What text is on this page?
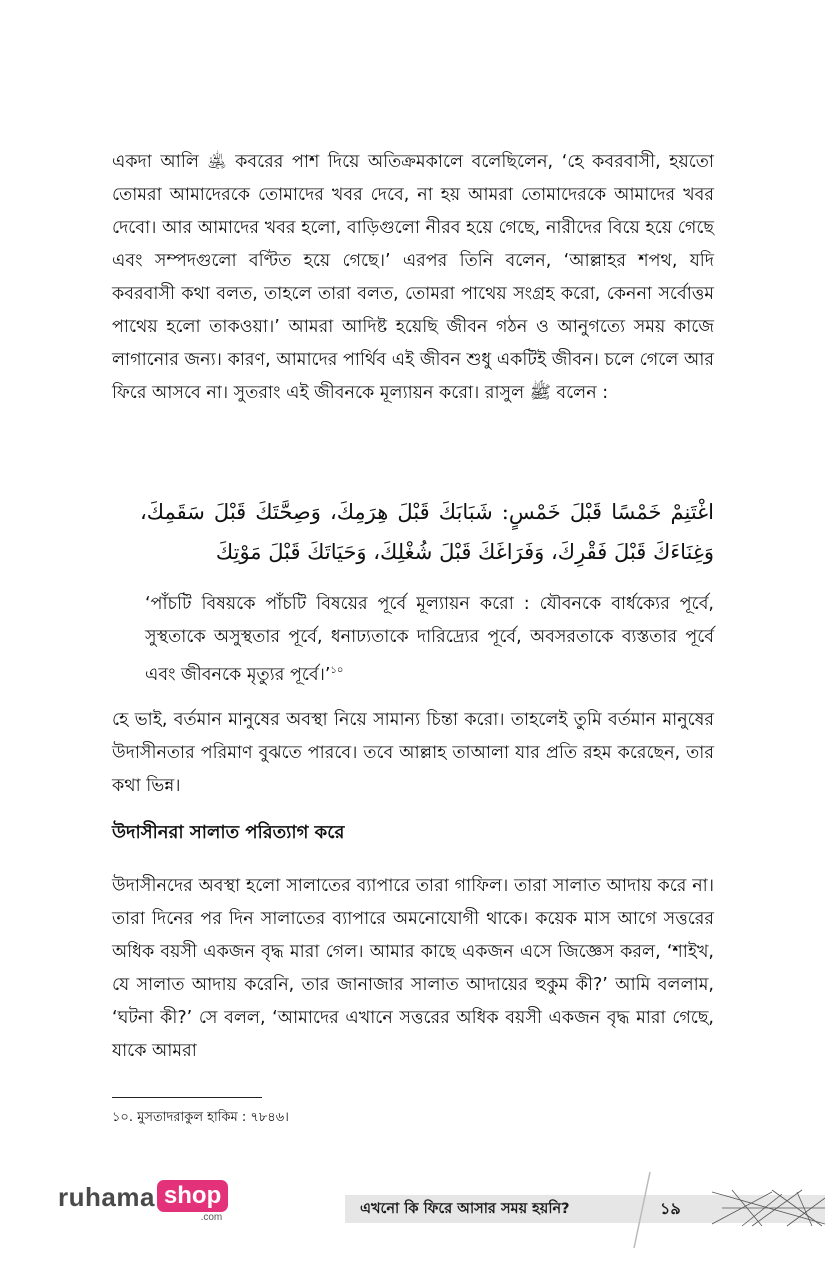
একদা আলি ﵁ কবরের পাশ দিয়ে অতিক্রমকালে বলেছিলেন, ‘হে কবরবাসী, হয়তো তোমরা আমাদেরকে তোমাদের খবর দেবে, না হয় আমরা তোমাদেরকে আমাদের খবর দেবো। আর আমাদের খবর হলো, বাড়িগুলো নীরব হয়ে গেছে, নারীদের বিয়ে হয়ে গেছে এবং সম্পদগুলো বণ্টিত হয়ে গেছে।’ এরপর তিনি বলেন, ‘আল্লাহর শপথ, যদি কবরবাসী কথা বলত, তাহলে তারা বলত, তোমরা পাথেয় সংগ্রহ করো, কেননা সর্বোত্তম পাথেয় হলো তাকওয়া।’ আমরা আদিষ্ট হয়েছি জীবন গঠন ও আনুগত্যে সময় কাজে লাগানোর জন্য। কারণ, আমাদের পার্থিব এই জীবন শুধু একটিই জীবন। চলে গেলে আর ফিরে আসবে না। সুতরাং এই জীবনকে মূল্যায়ন করো। রাসুল ﷺ বলেন :

اغْتَنِمْ خَمْسًا قَبْلَ خَمْسٍ: شَبَابَكَ قَبْلَ هِرَمِكَ، وَصِحَّتَكَ قَبْلَ سَقَمِكَ، وَغِنَاءَكَ قَبْلَ فَقْرِكَ، وَفَرَاغَكَ قَبْلَ شُغْلِكَ، وَحَيَاتَكَ قَبْلَ مَوْتِكَ

‘পাঁচটি বিষয়কে পাঁচটি বিষয়ের পূর্বে মূল্যায়ন করো : যৌবনকে বার্ধক্যের পূর্বে, সুস্থতাকে অসুস্থতার পূর্বে, ধনাঢ্যতাকে দারিদ্র্যের পূর্বে, অবসরতাকে ব্যস্ততার পূর্বে এবং জীবনকে মৃত্যুর পূর্বে।’$^{১০}$

হে ভাই, বর্তমান মানুষের অবস্থা নিয়ে সামান্য চিন্তা করো। তাহলেই তুমি বর্তমান মানুষের উদাসীনতার পরিমাণ বুঝতে পারবে। তবে আল্লাহ তাআলা যার প্রতি রহম করেছেন, তার কথা ভিন্ন।

উদাসীনরা সালাত পরিত্যাগ করে

উদাসীনদের অবস্থা হলো সালাতের ব্যাপারে তারা গাফিল। তারা সালাত আদায় করে না। তারা দিনের পর দিন সালাতের ব্যাপারে অমনোযোগী থাকে। কয়েক মাস আগে সত্তরের অধিক বয়সী একজন বৃদ্ধ মারা গেল। আমার কাছে একজন এসে জিজ্ঞেস করল, ‘শাইখ, যে সালাত আদায় করেনি, তার জানাজার সালাত আদায়ের হুকুম কী?’ আমি বললাম, ‘ঘটনা কী?’ সে বলল, ‘আমাদের এখানে সত্তরের অধিক বয়সী একজন বৃদ্ধ মারা গেছে, যাকে আমরা

১০. মুসতাদরাকুল হাকিম : ৭৮৪৬।

ruhama shop
.com

এখনো কি ফিরে আসার সময় হয়নি?	১৯
